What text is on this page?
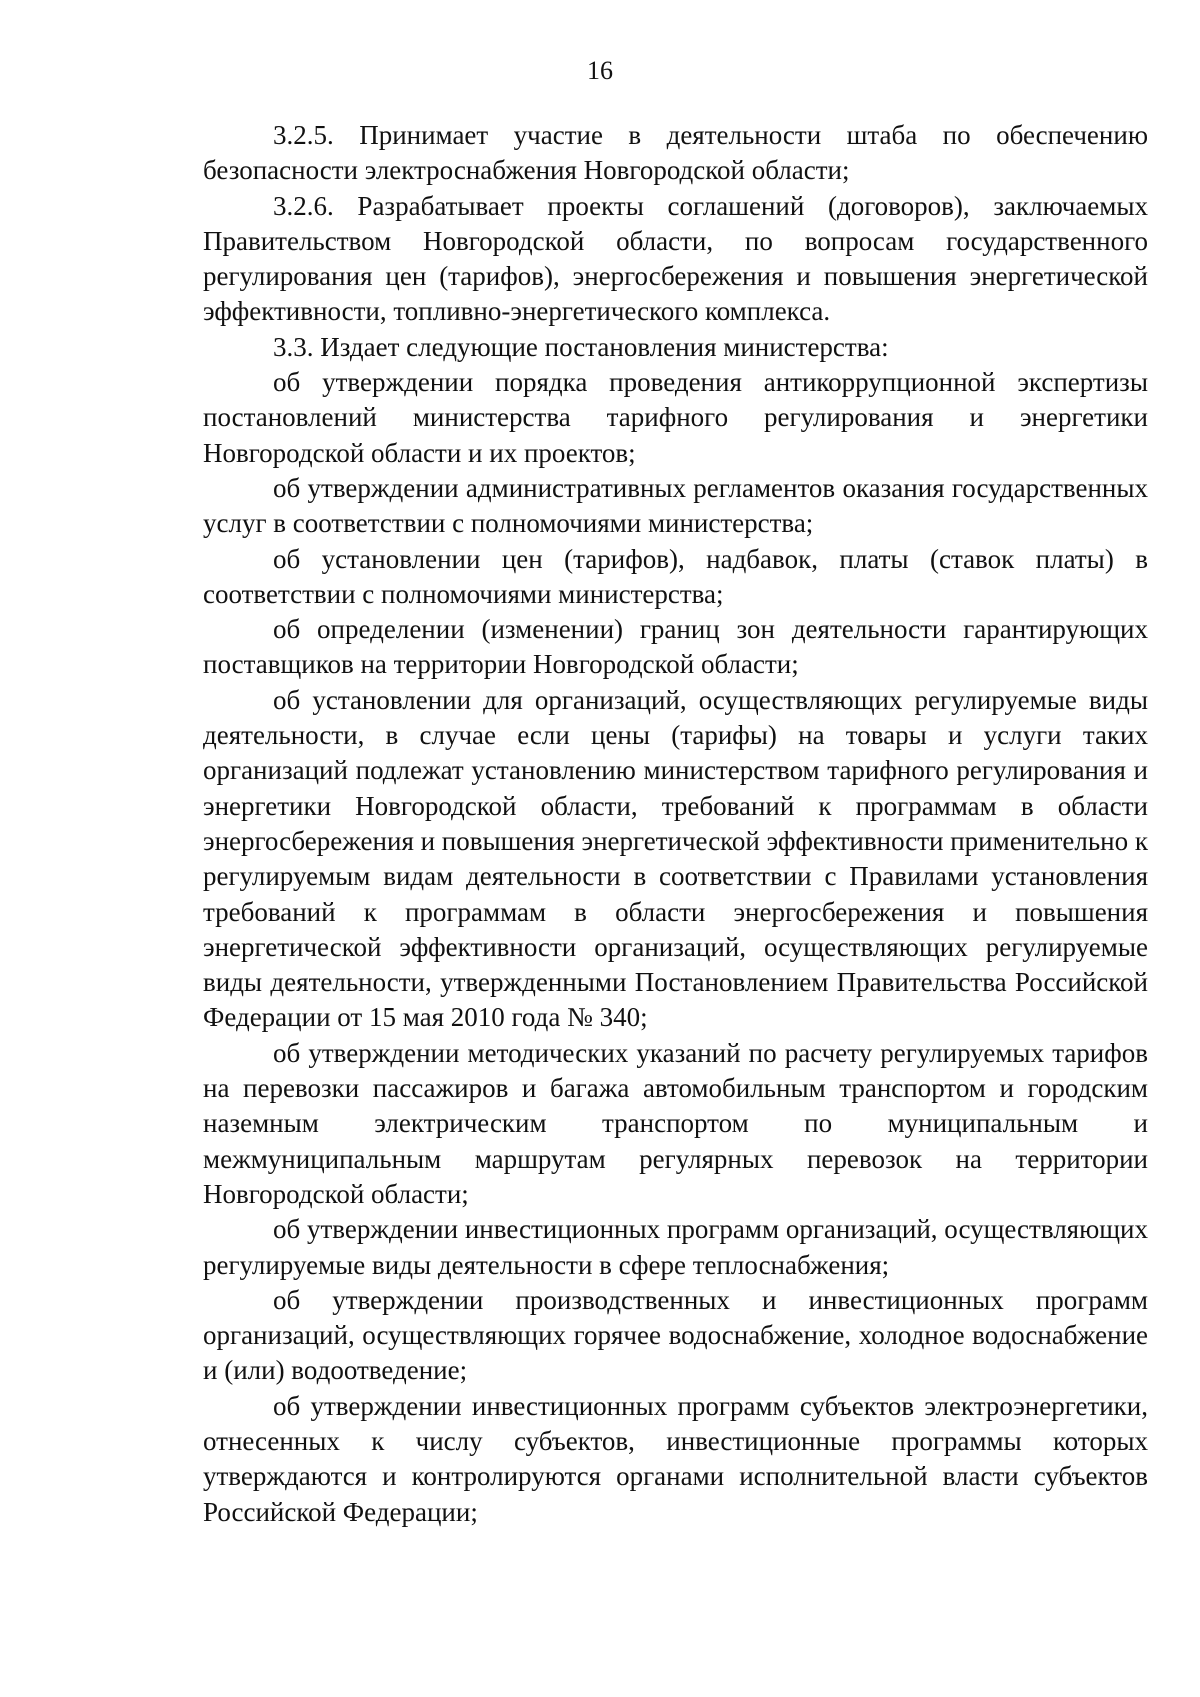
16

3.2.5. Принимает участие в деятельности штаба по обеспечению безопасности электроснабжения Новгородской области;

3.2.6. Разрабатывает проекты соглашений (договоров), заключаемых Правительством Новгородской области, по вопросам государственного регулирования цен (тарифов), энергосбережения и повышения энергетической эффективности, топливно-энергетического комплекса.

3.3. Издает следующие постановления министерства:

об утверждении порядка проведения антикоррупционной экспертизы постановлений министерства тарифного регулирования и энергетики Новгородской области и их проектов;

об утверждении административных регламентов оказания государственных услуг в соответствии с полномочиями министерства;

об установлении цен (тарифов), надбавок, платы (ставок платы) в соответствии с полномочиями министерства;

об определении (изменении) границ зон деятельности гарантирующих поставщиков на территории Новгородской области;

об установлении для организаций, осуществляющих регулируемые виды деятельности, в случае если цены (тарифы) на товары и услуги таких организаций подлежат установлению министерством тарифного регулирования и энергетики Новгородской области, требований к программам в области энергосбережения и повышения энергетической эффективности применительно к регулируемым видам деятельности в соответствии с Правилами установления требований к программам в области энергосбережения и повышения энергетической эффективности организаций, осуществляющих регулируемые виды деятельности, утвержденными Постановлением Правительства Российской Федерации от 15 мая 2010 года № 340;

об утверждении методических указаний по расчету регулируемых тарифов на перевозки пассажиров и багажа автомобильным транспортом и городским наземным электрическим транспортом по муниципальным и межмуниципальным маршрутам регулярных перевозок на территории Новгородской области;

об утверждении инвестиционных программ организаций, осуществляющих регулируемые виды деятельности в сфере теплоснабжения;

об утверждении производственных и инвестиционных программ организаций, осуществляющих горячее водоснабжение, холодное водоснабжение и (или) водоотведение;

об утверждении инвестиционных программ субъектов электроэнергетики, отнесенных к числу субъектов, инвестиционные программы которых утверждаются и контролируются органами исполнительной власти субъектов Российской Федерации;
